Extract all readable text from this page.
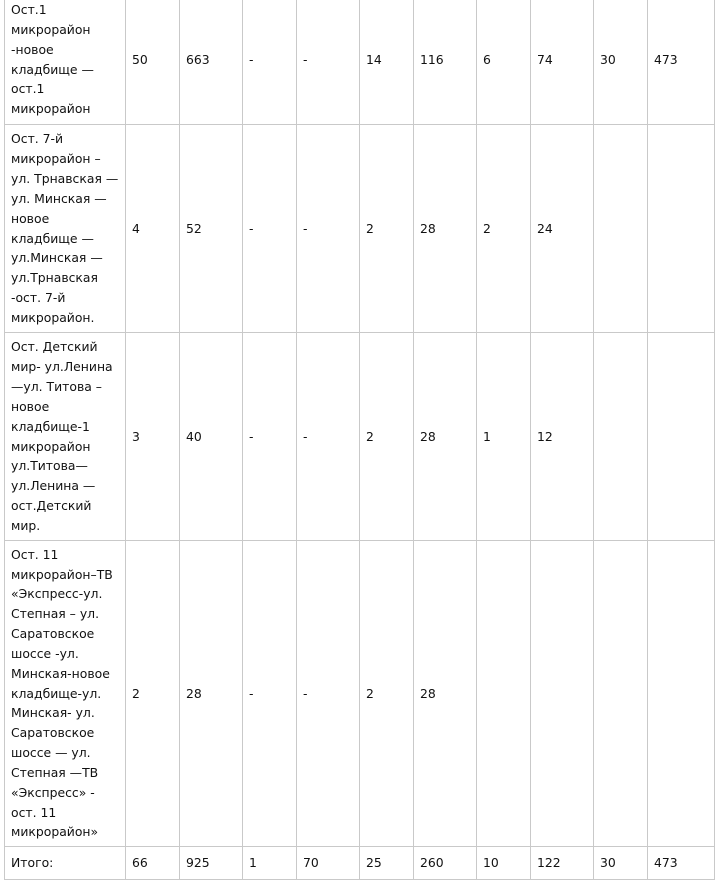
Ост.1 микрорайон -новое кладбище —ост.1 микрорайон	50	663	-	-	14	116	6	74	30	473
Ост. 7-й микрорайон – ул. Трнавская —ул. Минская —новое кладбище —ул.Минская —ул.Трнавская -ост. 7-й микрорайон.	4	52	-	-	2	28	2	24		
Ост. Детский мир- ул.Ленина—ул. Титова –новое кладбище-1 микрорайон ул.Титова— ул.Ленина —ост.Детский мир.	3	40	-	-	2	28	1	12		
Ост. 11 микрорайон–ТВ «Экспресс-ул. Степная – ул. Саратовское шоссе -ул. Минская-новое кладбище-ул. Минская- ул. Саратовское шоссе — ул. Степная —ТВ «Экспресс» - ост. 11 микрорайон»	2	28	-	-	2	28				
Итого:	66	925	1	70	25	260	10	122	30	473
